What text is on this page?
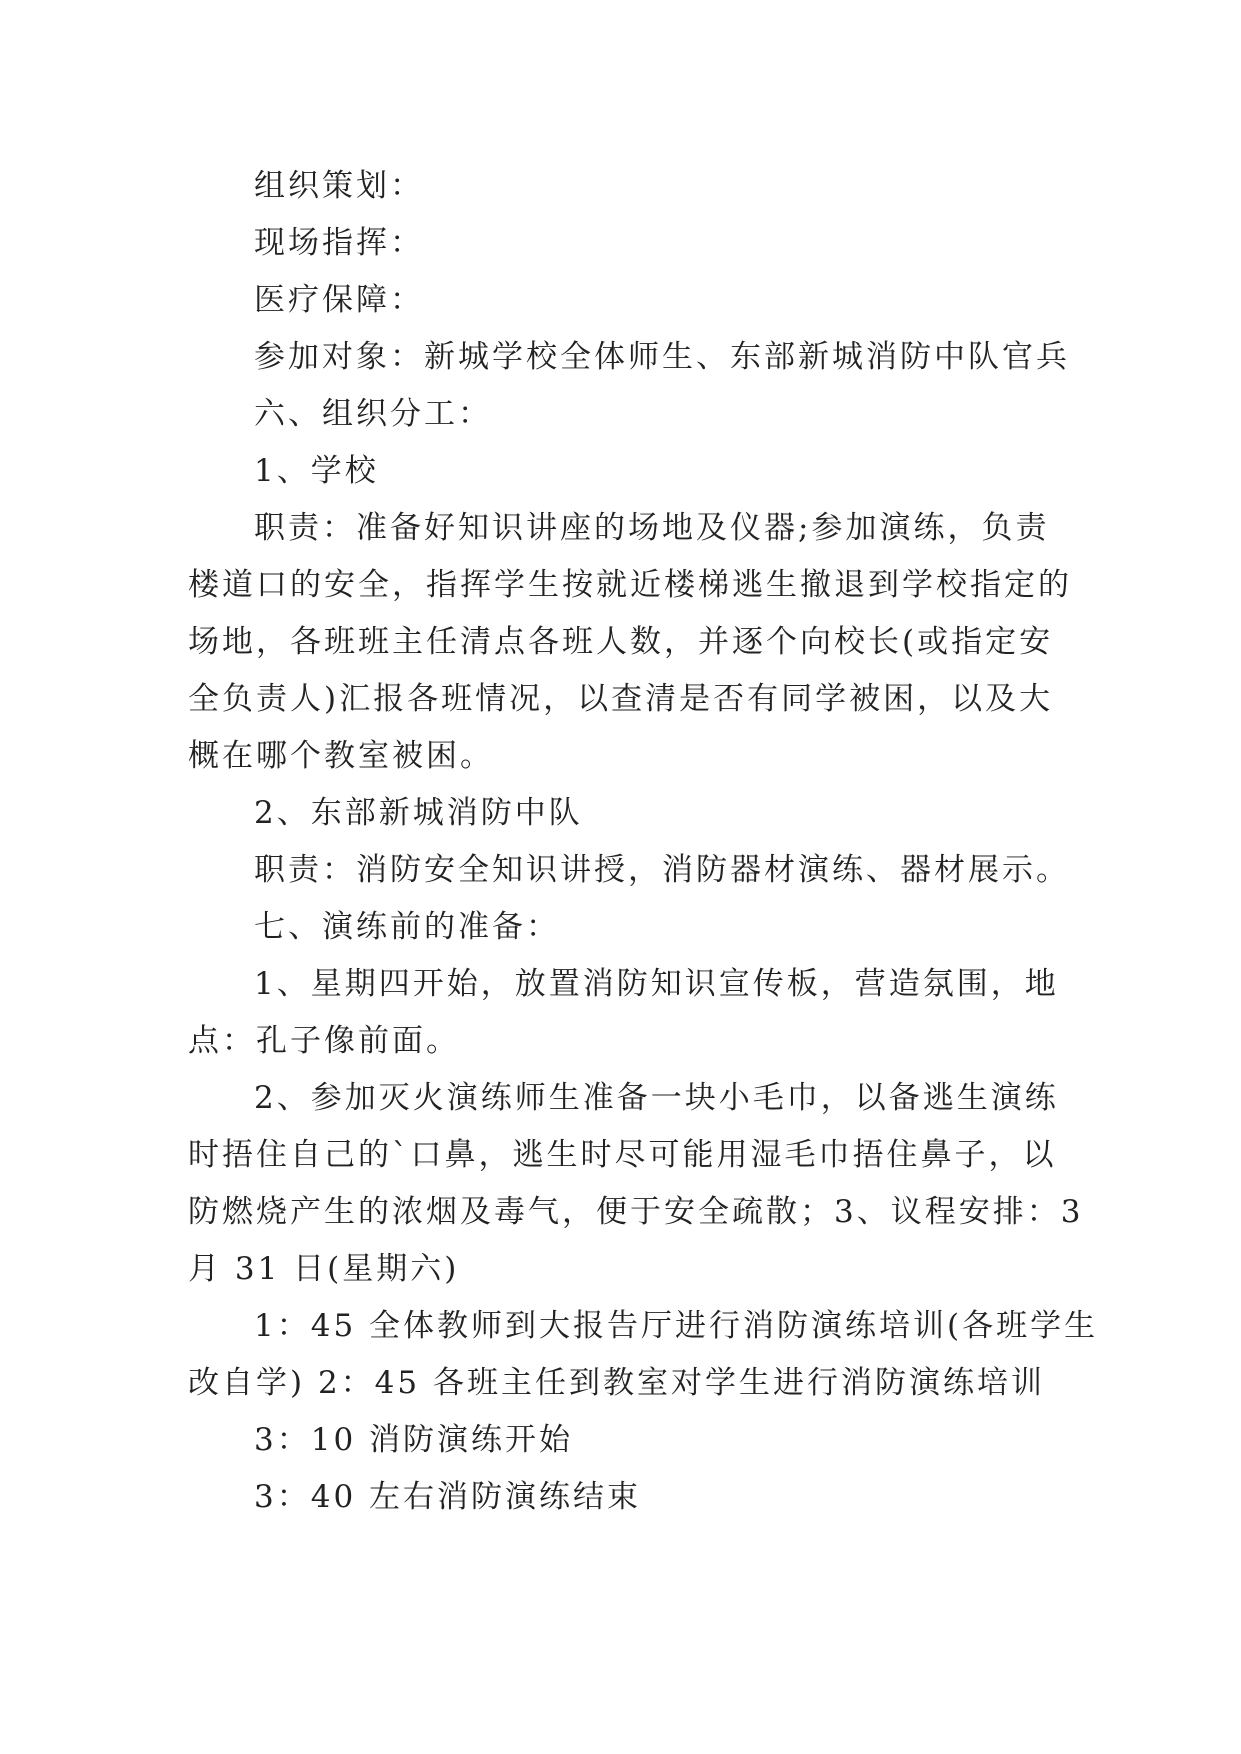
组织策划：
现场指挥：
医疗保障：
参加对象：新城学校全体师生、东部新城消防中队官兵
六、组织分工：
1、学校
职责：准备好知识讲座的场地及仪器;参加演练，负责
楼道口的安全，指挥学生按就近楼梯逃生撤退到学校指定的
场地，各班班主任清点各班人数，并逐个向校长(或指定安
全负责人)汇报各班情况，以查清是否有同学被困，以及大
概在哪个教室被困。
2、东部新城消防中队
职责：消防安全知识讲授，消防器材演练、器材展示。
七、演练前的准备：
1、星期四开始，放置消防知识宣传板，营造氛围，地
点：孔子像前面。
2、参加灭火演练师生准备一块小毛巾，以备逃生演练
时捂住自己的`口鼻，逃生时尽可能用湿毛巾捂住鼻子，以
防燃烧产生的浓烟及毒气，便于安全疏散；3、议程安排：3
月 31 日(星期六)
1：45 全体教师到大报告厅进行消防演练培训(各班学生
改自学) 2：45 各班主任到教室对学生进行消防演练培训
3：10 消防演练开始
3：40 左右消防演练结束
